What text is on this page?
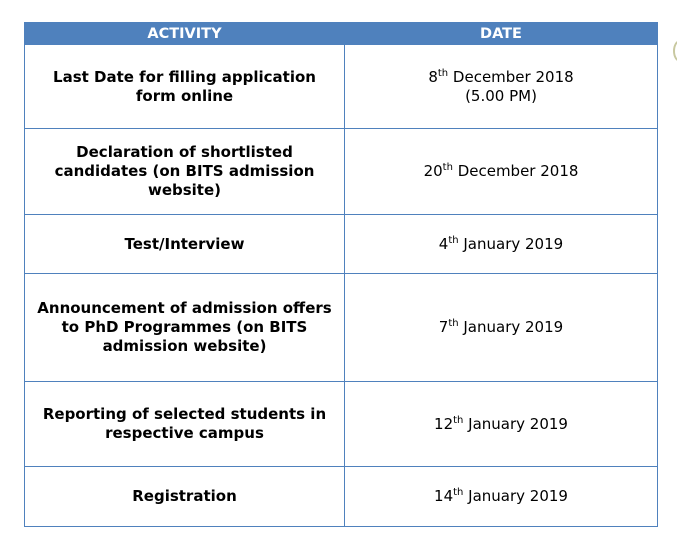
ACTIVITY	DATE
Last Date for filling application
form online	8th December 2018
(5.00 PM)
Declaration of shortlisted
candidates (on BITS admission
website)	20th December 2018
Test/Interview	4th January 2019
Announcement of admission offers
to PhD Programmes (on BITS
admission website)	7th January 2019
Reporting of selected students in
respective campus	12th January 2019
Registration	14th January 2019
